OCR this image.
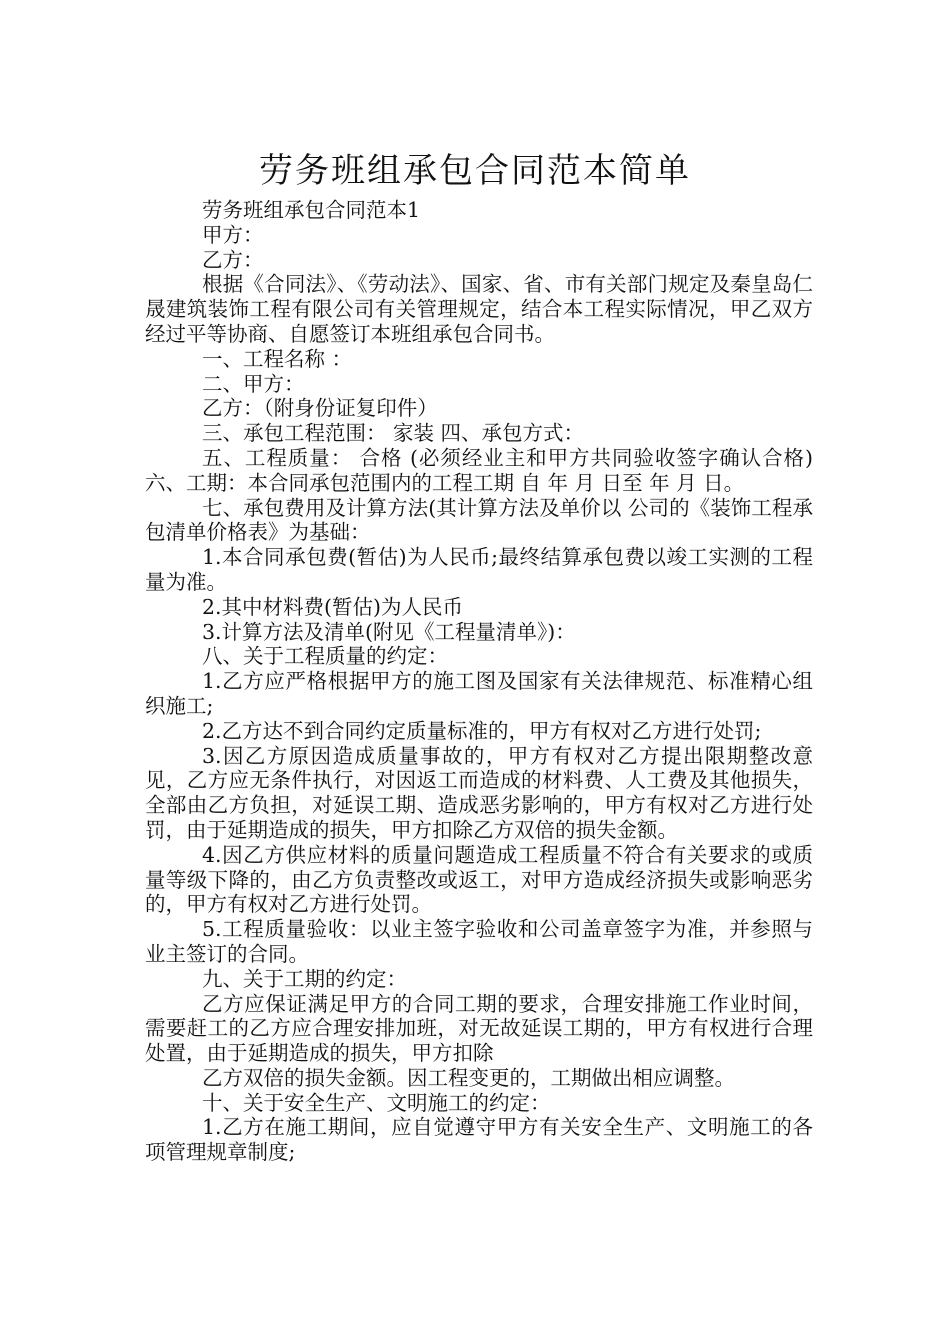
劳务班组承包合同范本简单

劳务班组承包合同范本1

甲方：

乙方：

根据《合同法》、《劳动法》、国家、省、市有关部门规定及秦皇岛仁晟建筑装饰工程有限公司有关管理规定，结合本工程实际情况，甲乙双方经过平等协商、自愿签订本班组承包合同书。

一、工程名称 ：

二、甲方：

乙方：（附身份证复印件）

三、承包工程范围： 家装 四、承包方式：

五、工程质量： 合格 (必须经业主和甲方共同验收签字确认合格) 六、工期：本合同承包范围内的工程工期 自 年 月 日至 年 月 日。

七、承包费用及计算方法(其计算方法及单价以 公司的《装饰工程承包清单价格表》为基础：

1.本合同承包费(暂估)为人民币;最终结算承包费以竣工实测的工程量为准。

2.其中材料费(暂估)为人民币

3.计算方法及清单(附见《工程量清单》)：

八、关于工程质量的约定：

1.乙方应严格根据甲方的施工图及国家有关法律规范、标准精心组织施工;

2.乙方达不到合同约定质量标准的，甲方有权对乙方进行处罚;

3.因乙方原因造成质量事故的，甲方有权对乙方提出限期整改意见，乙方应无条件执行，对因返工而造成的材料费、人工费及其他损失，全部由乙方负担，对延误工期、造成恶劣影响的，甲方有权对乙方进行处罚，由于延期造成的损失，甲方扣除乙方双倍的损失金额。

4.因乙方供应材料的质量问题造成工程质量不符合有关要求的或质量等级下降的，由乙方负责整改或返工，对甲方造成经济损失或影响恶劣的，甲方有权对乙方进行处罚。

5.工程质量验收：以业主签字验收和公司盖章签字为准，并参照与业主签订的合同。

九、关于工期的约定：

乙方应保证满足甲方的合同工期的要求，合理安排施工作业时间，需要赶工的乙方应合理安排加班，对无故延误工期的，甲方有权进行合理处置，由于延期造成的损失，甲方扣除

乙方双倍的损失金额。因工程变更的，工期做出相应调整。

十、关于安全生产、文明施工的约定：

1.乙方在施工期间，应自觉遵守甲方有关安全生产、文明施工的各项管理规章制度;
